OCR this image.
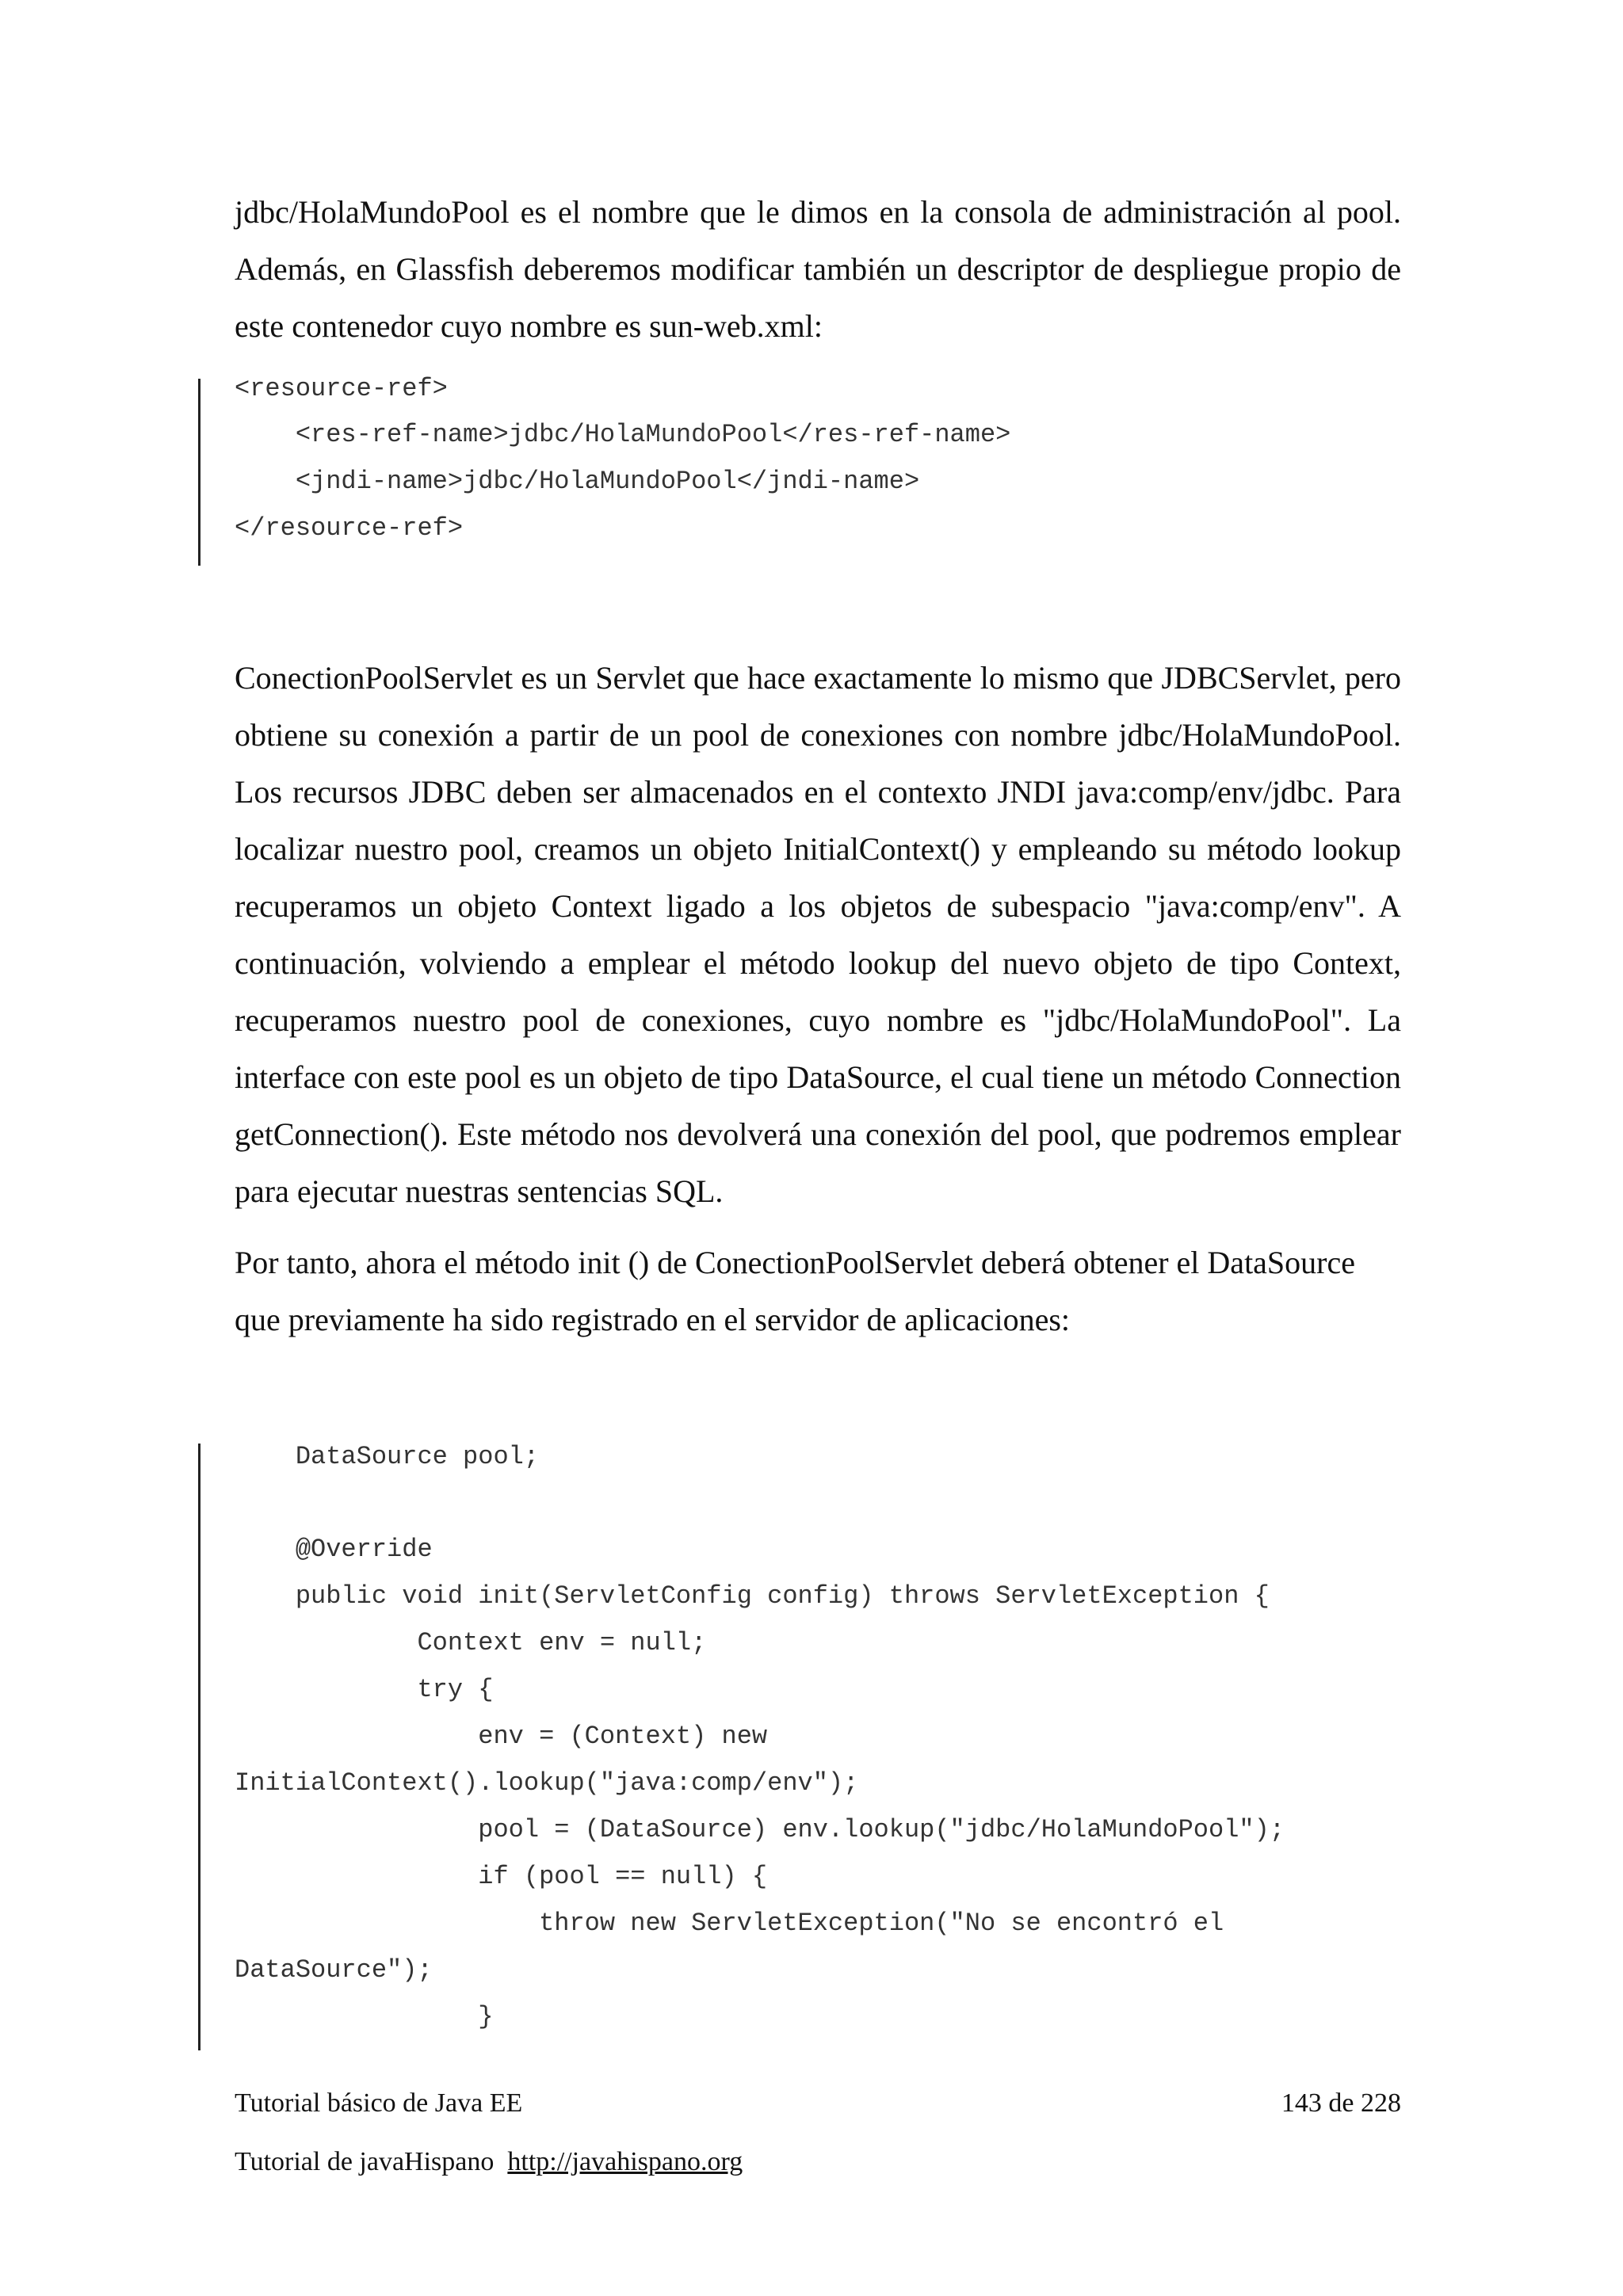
jdbc/HolaMundoPool es el nombre que le dimos en la consola de administración al pool. Además, en Glassfish deberemos modificar también un descriptor de despliegue propio de este contenedor cuyo nombre es sun-web.xml:

<resource-ref>
<res-ref-name>jdbc/HolaMundoPool</res-ref-name>
<jndi-name>jdbc/HolaMundoPool</jndi-name>
</resource-ref>

ConectionPoolServlet es un Servlet que hace exactamente lo mismo que JDBCServlet, pero obtiene su conexión a partir de un pool de conexiones con nombre jdbc/HolaMundoPool. Los recursos JDBC deben ser almacenados en el contexto JNDI java:comp/env/jdbc. Para localizar nuestro pool, creamos un objeto InitialContext() y empleando su método lookup recuperamos un objeto Context ligado a los objetos de subespacio "java:comp/env". A continuación, volviendo a emplear el método lookup del nuevo objeto de tipo Context, recuperamos nuestro pool de conexiones, cuyo nombre es "jdbc/HolaMundoPool". La interface con este pool es un objeto de tipo DataSource, el cual tiene un método Connection getConnection(). Este método nos devolverá una conexión del pool, que podremos emplear para ejecutar nuestras sentencias SQL.

Por tanto, ahora el método init () de ConectionPoolServlet deberá obtener el DataSource que previamente ha sido registrado en el servidor de aplicaciones:

DataSource pool;
@Override
public void init(ServletConfig config) throws ServletException {
Context env = null;
try {
env = (Context) new
InitialContext().lookup("java:comp/env");
pool = (DataSource) env.lookup("jdbc/HolaMundoPool");
if (pool == null) {
throw new ServletException("No se encontró el
DataSource");
}
Tutorial básico de Java EE	143 de 228
Tutorial de javaHispano  http://javahispano.org
